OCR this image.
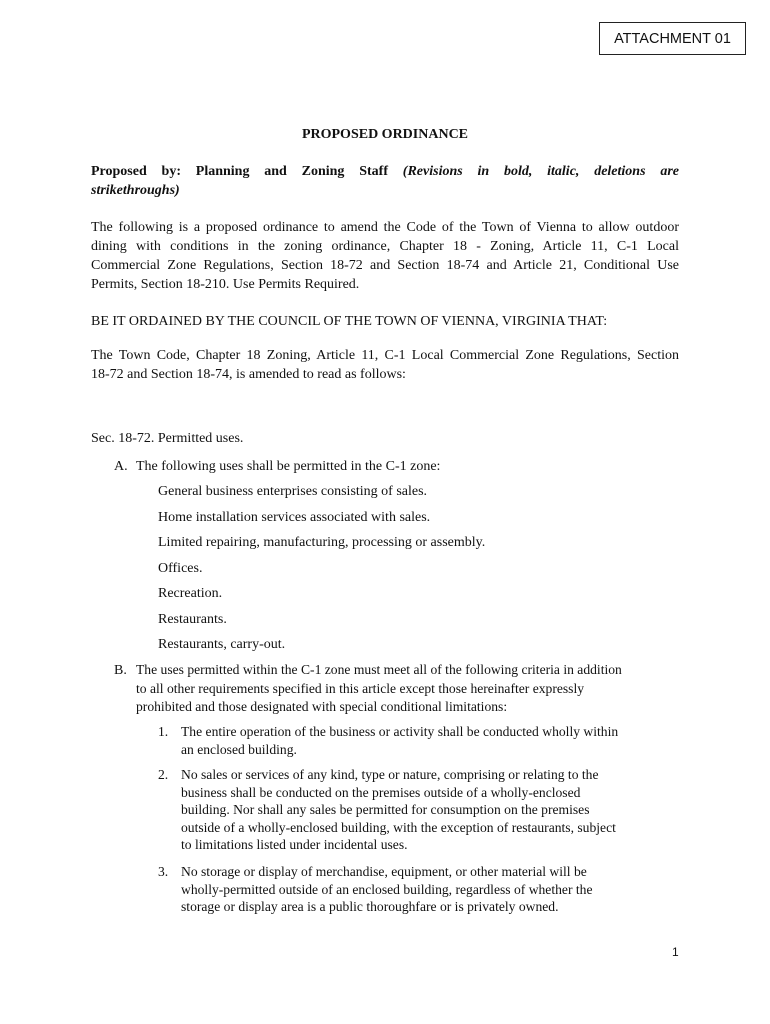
ATTACHMENT 01
PROPOSED ORDINANCE
Proposed by: Planning and Zoning Staff (Revisions in bold, italic, deletions are
strikethroughs)
The following is a proposed ordinance to amend the Code of the Town of Vienna to allow outdoor
dining with conditions in the zoning ordinance, Chapter 18 - Zoning, Article 11, C-1 Local
Commercial Zone Regulations, Section 18-72 and Section 18-74 and Article 21, Conditional Use
Permits, Section 18-210. Use Permits Required.
BE IT ORDAINED BY THE COUNCIL OF THE TOWN OF VIENNA, VIRGINIA THAT:
The Town Code, Chapter 18 Zoning, Article 11, C-1 Local Commercial Zone Regulations, Section
18-72 and Section 18-74, is amended to read as follows:
Sec. 18-72. Permitted uses.
A. The following uses shall be permitted in the C-1 zone:
General business enterprises consisting of sales.
Home installation services associated with sales.
Limited repairing, manufacturing, processing or assembly.
Offices.
Recreation.
Restaurants.
Restaurants, carry-out.
B. The uses permitted within the C-1 zone must meet all of the following criteria in addition
to all other requirements specified in this article except those hereinafter expressly
prohibited and those designated with special conditional limitations:
1. The entire operation of the business or activity shall be conducted wholly within
an enclosed building.
2. No sales or services of any kind, type or nature, comprising or relating to the
business shall be conducted on the premises outside of a wholly-enclosed
building. Nor shall any sales be permitted for consumption on the premises
outside of a wholly-enclosed building, with the exception of restaurants, subject
to limitations listed under incidental uses.
3. No storage or display of merchandise, equipment, or other material will be
wholly-permitted outside of an enclosed building, regardless of whether the
storage or display area is a public thoroughfare or is privately owned.
1
